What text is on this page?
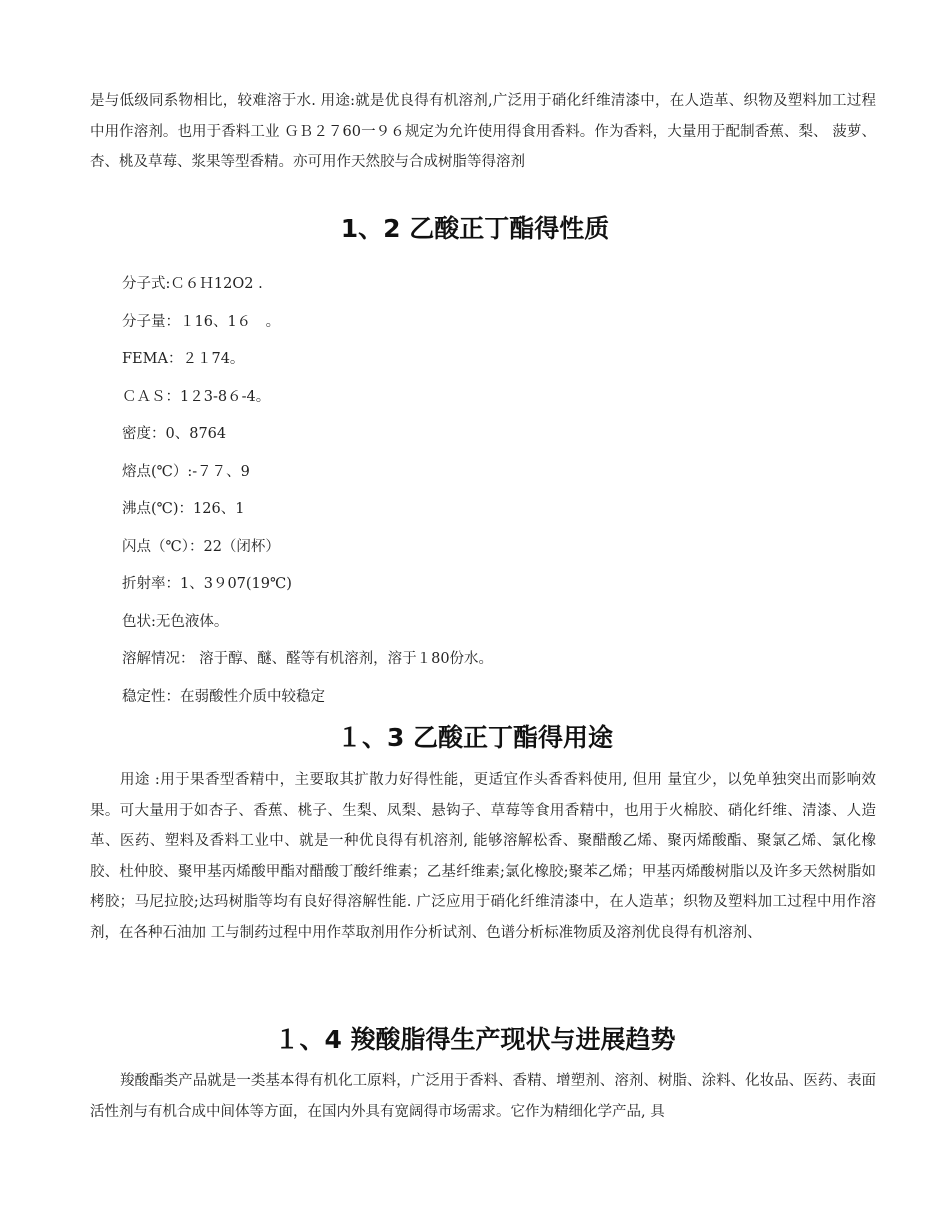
是与低级同系物相比，较难溶于水. 用途:就是优良得有机溶剂,广泛用于硝化纤维清漆中，在人造革、织物及塑料加工过程中用作溶剂。也用于香料工业 ＧＢ２７60一９６规定为允许使用得食用香料。作为香料，大量用于配制香蕉、梨、 菠萝、杏、桃及草莓、浆果等型香精。亦可用作天然胶与合成树脂等得溶剂

1、2 乙酸正丁酯得性质
分子式:Ｃ６Ｈ12O2 .
分子量：１16、1６　。
FEMA：２１74。
ＣＡＳ：1２3-8６-4。
密度：0、8764
熔点(℃）:-７７、9
沸点(℃)：126、1
闪点（℃）：22（闭杯）
折射率：1、3９07(19℃)
色状:无色液体。
溶解情况： 溶于醇、醚、醛等有机溶剂，溶于１80份水。
稳定性：在弱酸性介质中较稳定
１、3 乙酸正丁酯得用途

用途 :用于果香型香精中，主要取其扩散力好得性能，更适宜作头香香料使用, 但用 量宜少，以免单独突出而影响效果。可大量用于如杏子、香蕉、桃子、生梨、凤梨、悬钩子、草莓等食用香精中，也用于火棉胶、硝化纤维、清漆、人造革、医药、塑料及香料工业中、就是一种优良得有机溶剂, 能够溶解松香、聚醋酸乙烯、聚丙烯酸酯、聚氯乙烯、氯化橡胶、杜仲胶、聚甲基丙烯酸甲酯对醋酸丁酸纤维素；乙基纤维素;氯化橡胶;聚苯乙烯；甲基丙烯酸树脂以及许多天然树脂如栲胶；马尼拉胶;达玛树脂等均有良好得溶解性能. 广泛应用于硝化纤维清漆中，在人造革；织物及塑料加工过程中用作溶剂，在各种石油加 工与制药过程中用作萃取剂用作分析试剂、色谱分析标准物质及溶剂优良得有机溶剂、

１、4 羧酸脂得生产现状与进展趋势

羧酸酯类产品就是一类基本得有机化工原料，广泛用于香料、香精、增塑剂、溶剂、树脂、涂料、化妆品、医药、表面活性剂与有机合成中间体等方面，在国内外具有宽阔得市场需求。它作为精细化学产品, 具
